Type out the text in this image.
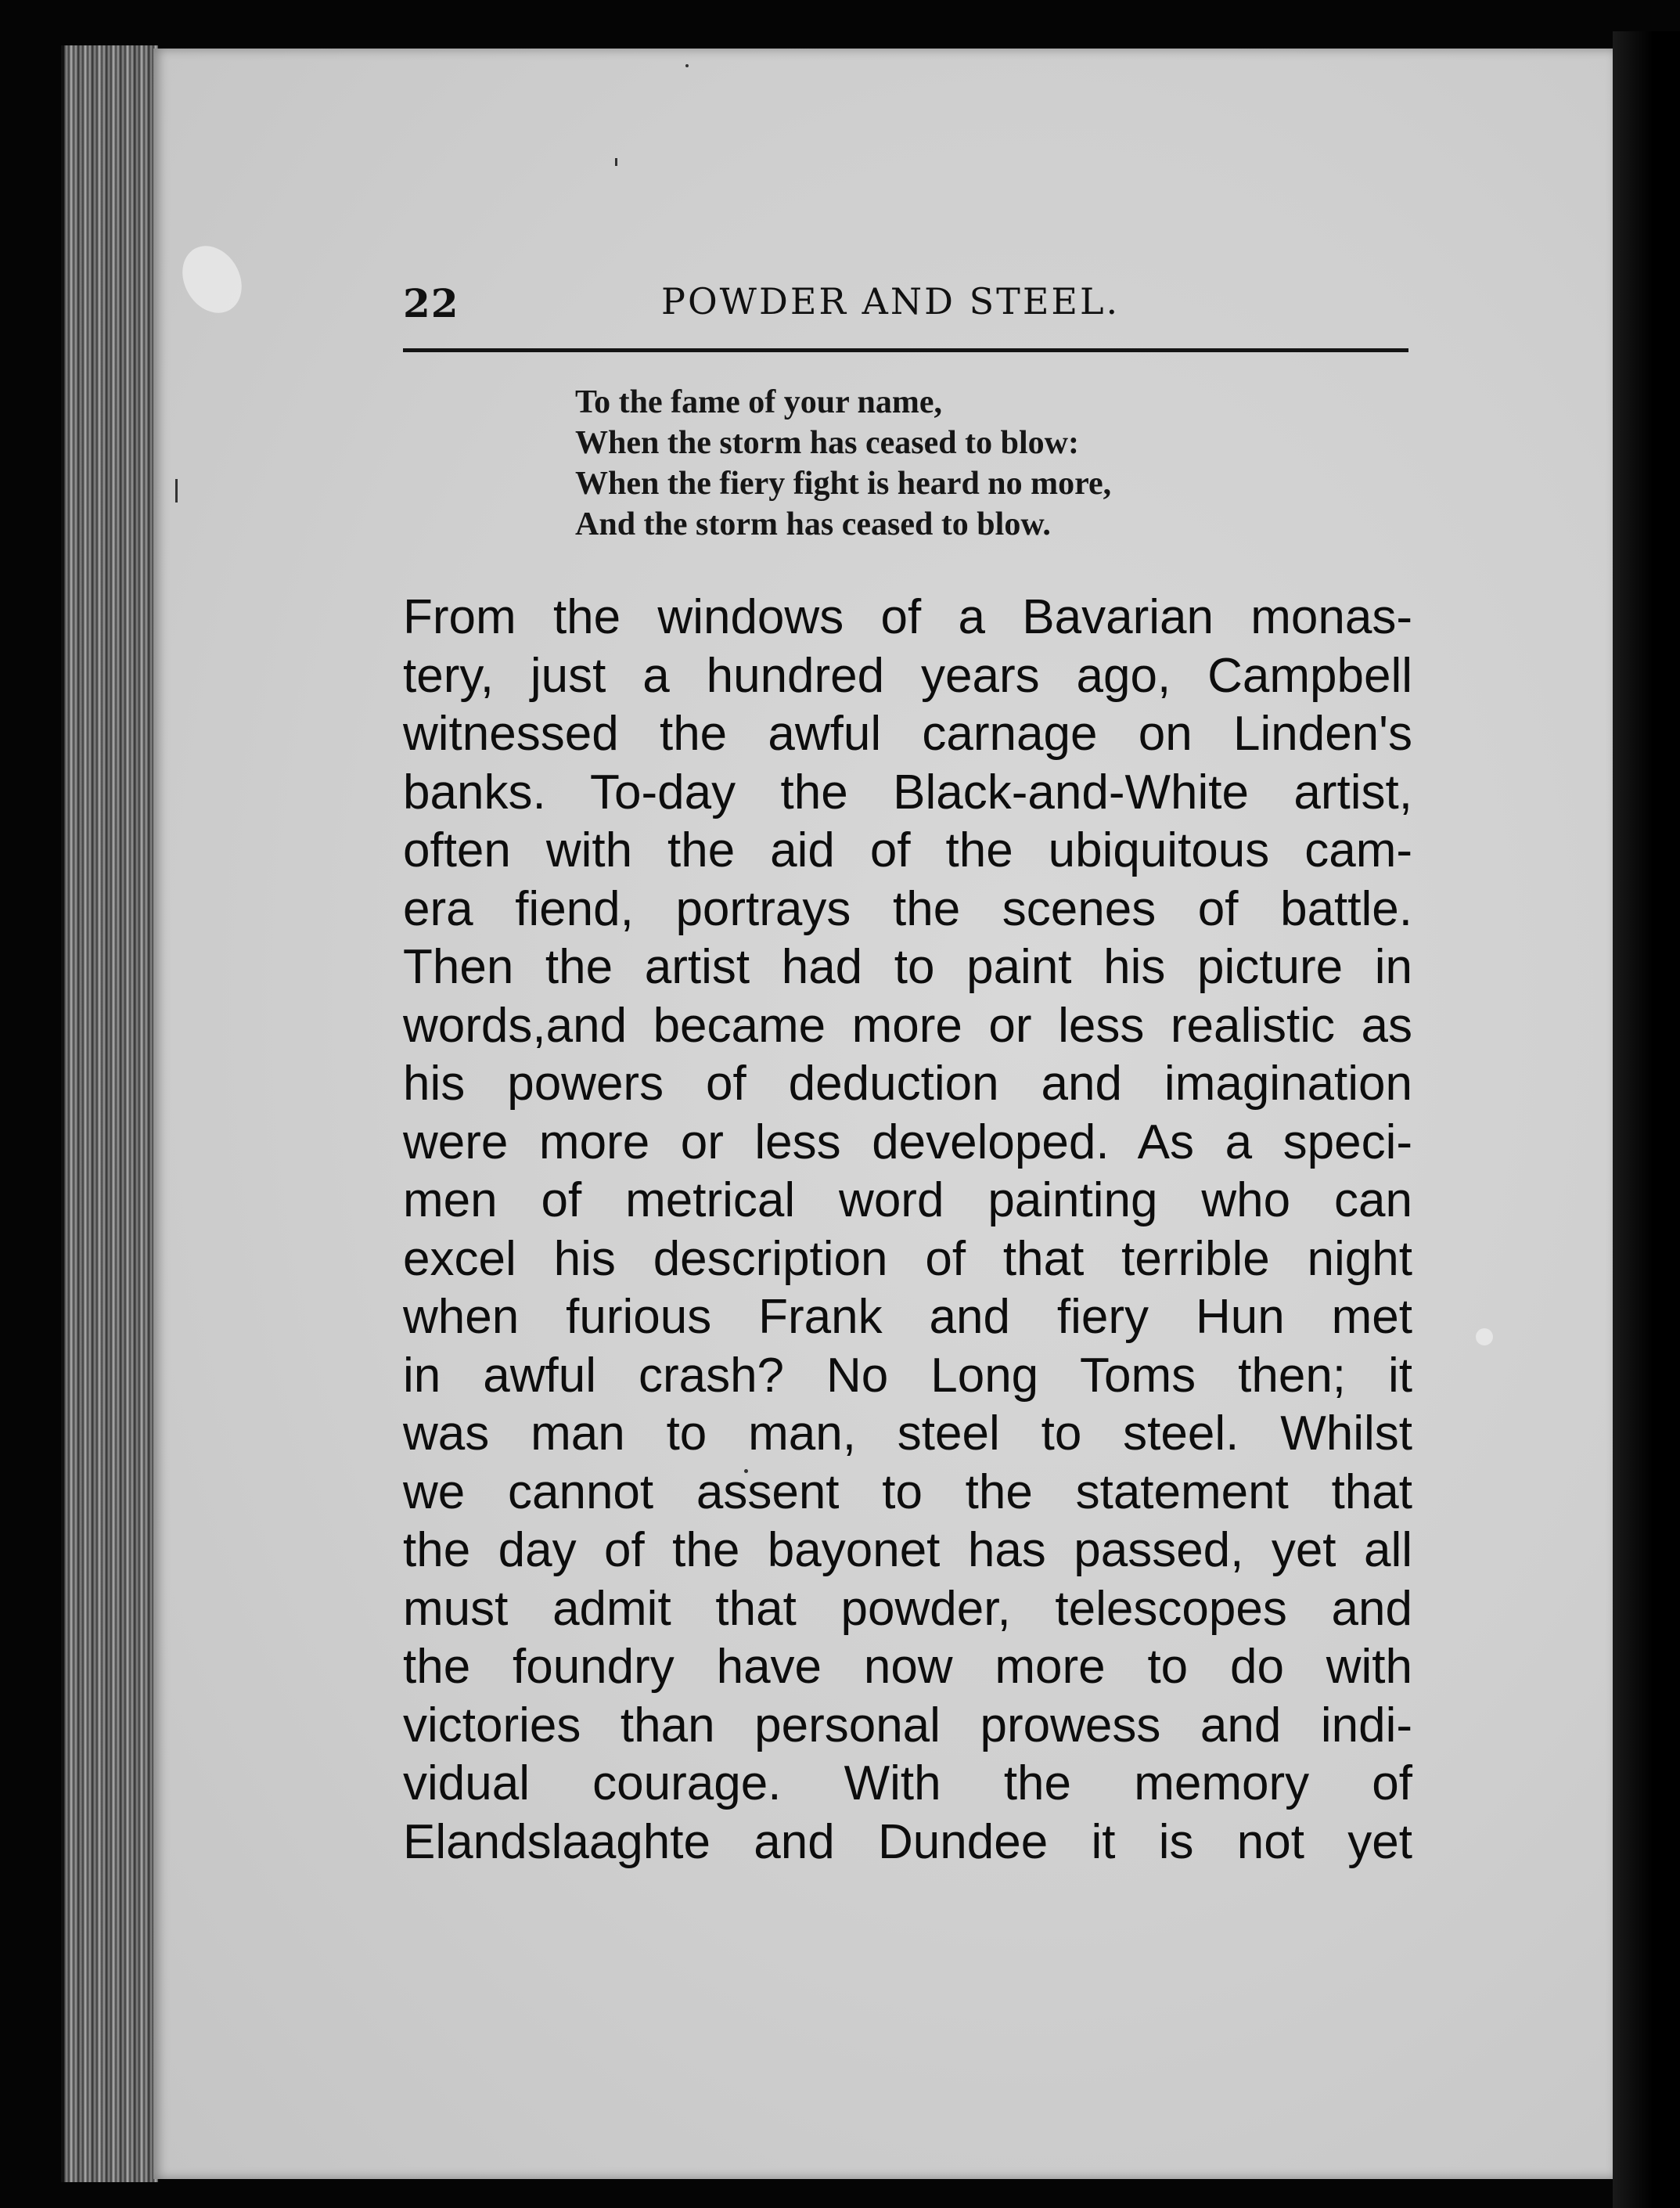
22	POWDER AND STEEL.
To the fame of your name,
When the storm has ceased to blow:
When the fiery fight is heard no more,
And the storm has ceased to blow.
From the windows of a Bavarian monas-
tery, just a hundred years ago, Campbell
witnessed the awful carnage on Linden's
banks. To-day the Black-and-White artist,
often with the aid of the ubiquitous cam-
era fiend, portrays the scenes of battle.
Then the artist had to paint his picture in
words,and became more or less realistic as
his powers of deduction and imagination
were more or less developed. As a speci-
men of metrical word painting who can
excel his description of that terrible night
when furious Frank and fiery Hun met
in awful crash? No Long Toms then; it
was man to man, steel to steel. Whilst
we cannot assent to the statement that
the day of the bayonet has passed, yet all
must admit that powder, telescopes and
the foundry have now more to do with
victories than personal prowess and indi-
vidual courage. With the memory of
Elandslaaghte and Dundee it is not yet
